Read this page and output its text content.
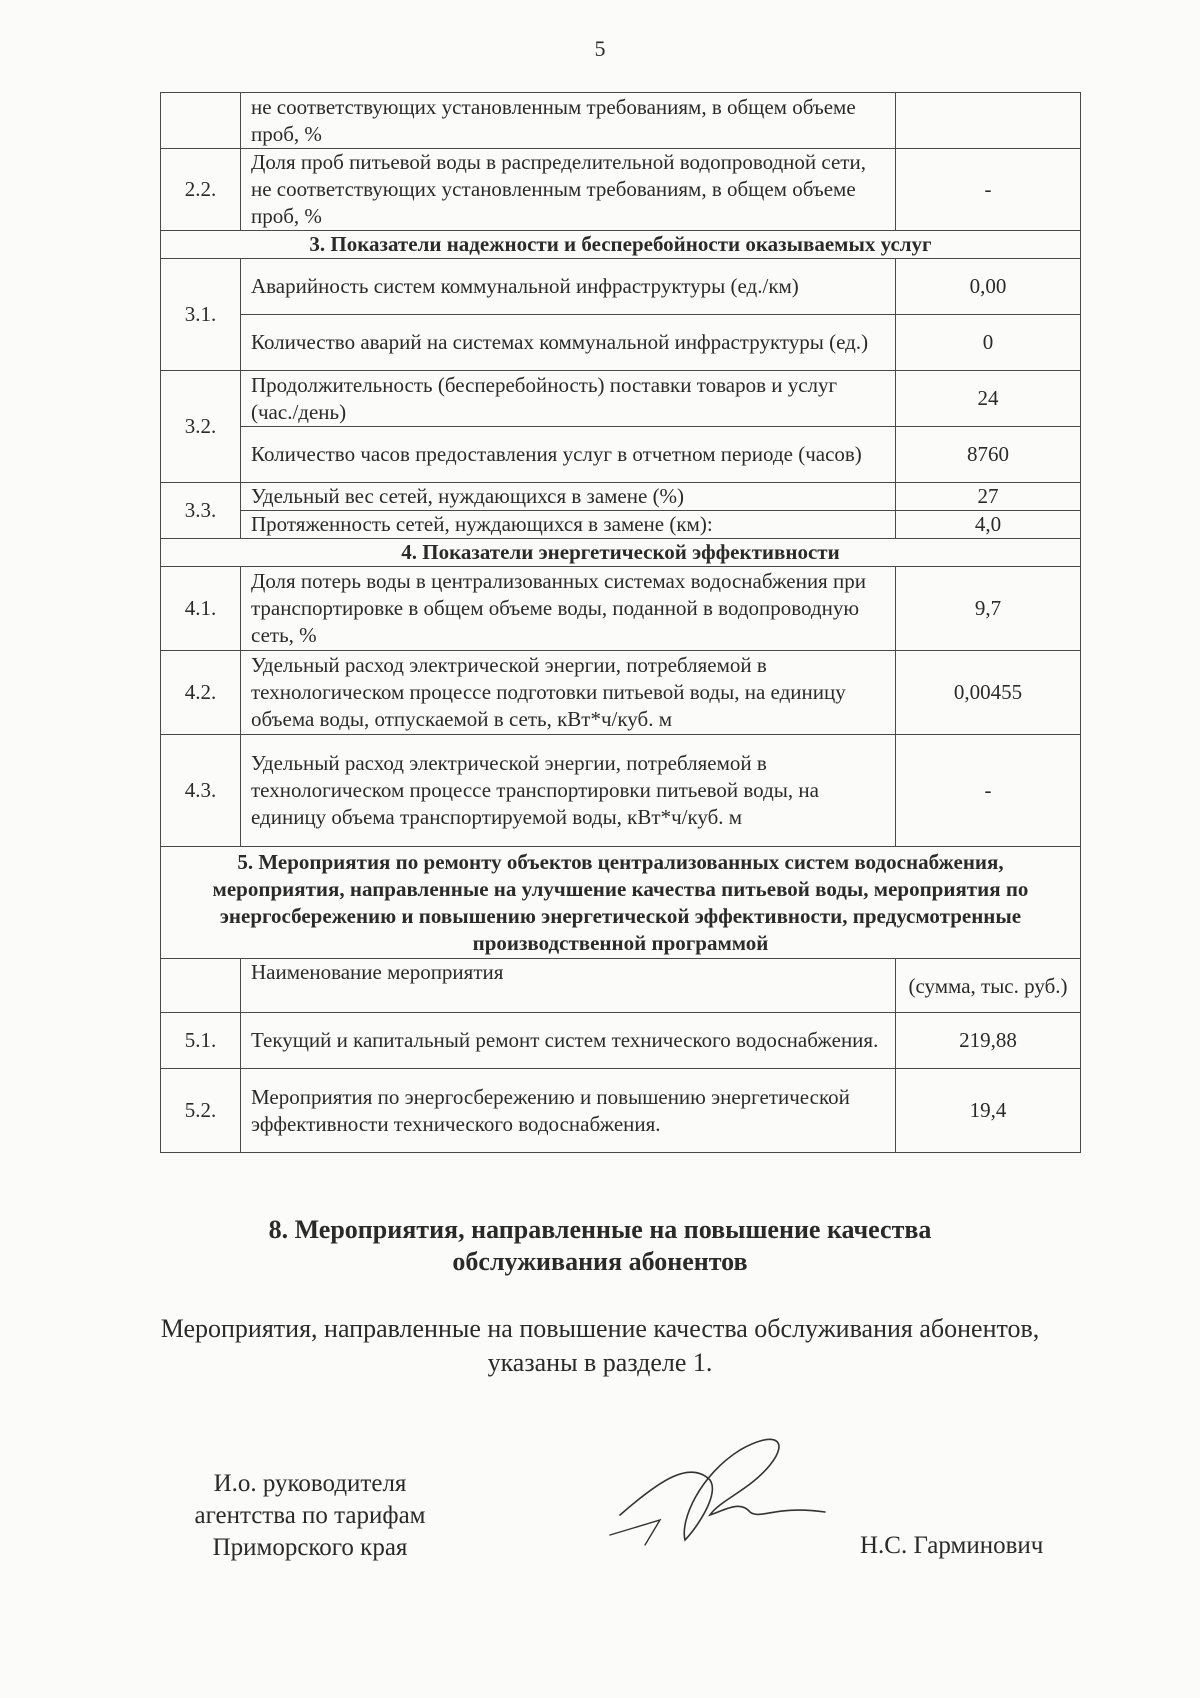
5
	не соответствующих установленным требованиям, в общем объеме проб, %	
2.2.	Доля проб питьевой воды в распределительной водопроводной сети, не соответствующих установленным требованиям, в общем объеме проб, %	-
3. Показатели надежности и бесперебойности оказываемых услуг		
3.1.	Аварийность систем коммунальной инфраструктуры (ед./км)	0,00
	Количество аварий на системах коммунальной инфраструктуры (ед.)	0
3.2.	Продолжительность (бесперебойность) поставки товаров и услуг (час./день)	24
	Количество часов предоставления услуг в отчетном периоде (часов)	8760
3.3.	Удельный вес сетей, нуждающихся в замене (%)	27
	Протяженность сетей, нуждающихся в замене (км):	4,0
4. Показатели энергетической эффективности		
4.1.	Доля потерь воды в централизованных системах водоснабжения при транспортировке в общем объеме воды, поданной в водопроводную сеть, %	9,7
4.2.	Удельный расход электрической энергии, потребляемой в технологическом процессе подготовки питьевой воды, на единицу объема воды, отпускаемой в сеть, кВт*ч/куб. м	0,00455
4.3.	Удельный расход электрической энергии, потребляемой в технологическом процессе транспортировки питьевой воды, на единицу объема транспортируемой воды, кВт*ч/куб. м	-
5. Мероприятия по ремонту объектов централизованных систем водоснабжения, мероприятия, направленные на улучшение качества питьевой воды, мероприятия по энергосбережению и повышению энергетической эффективности, предусмотренные производственной программой		
	Наименование мероприятия	(сумма, тыс. руб.)
5.1.	Текущий и капитальный ремонт систем технического водоснабжения.	219,88
5.2.	Мероприятия по энергосбережению и повышению энергетической эффективности технического водоснабжения.	19,4
8. Мероприятия, направленные на повышение качества обслуживания абонентов
Мероприятия, направленные на повышение качества обслуживания абонентов, указаны в разделе 1.
И.о. руководителя агентства по тарифам Приморского края	Н.С. Гарминович
